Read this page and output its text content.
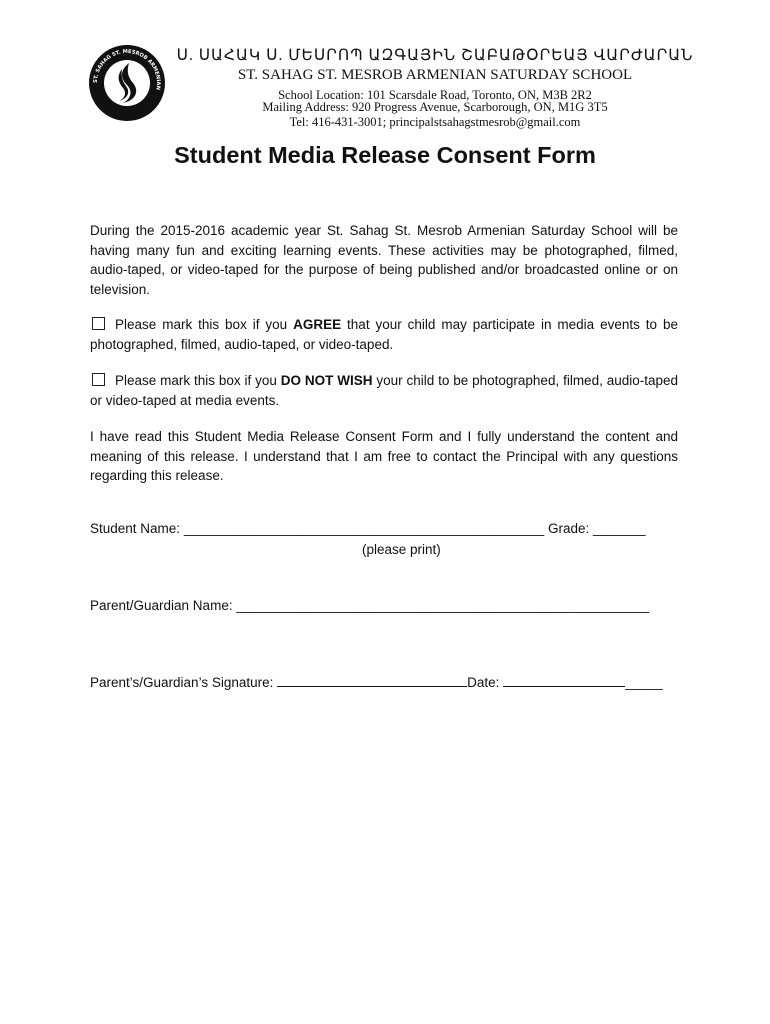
ST. SAHAG ST. MESROB ARMENIAN
Ս. ՍԱՀԱԿ Ս. ՄԵՍՐՈՊ ԱԶԳԱՅԻՆ ՇԱԲԱԹՕՐԵԱՅ ՎԱՐԺԱՐԱՆ
ST. SAHAG ST. MESROB ARMENIAN SATURDAY SCHOOL
School Location: 101 Scarsdale Road, Toronto, ON, M3B 2R2
Mailing Address: 920 Progress Avenue, Scarborough, ON, M1G 3T5
Tel: 416-431-3001; principalstsahagstmesrob@gmail.com
Student Media Release Consent Form

During the 2015-2016 academic year St. Sahag St. Mesrob Armenian Saturday School will be having many fun and exciting learning events. These activities may be photographed, filmed, audio-taped, or video-taped for the purpose of being published and/or broadcasted online or on television.

Please mark this box if you AGREE that your child may participate in media events to be photographed, filmed, audio-taped, or video-taped.

Please mark this box if you DO NOT WISH your child to be photographed, filmed, audio-taped or video-taped at media events.

I have read this Student Media Release Consent Form and I fully understand the content and meaning of this release. I understand that I am free to contact the Principal with any questions regarding this release.

Student Name: ________________________________________________ Grade: _______
(please print)
Parent/Guardian Name: _______________________________________________________
Parent’s/Guardian’s Signature:	Date:	_____
